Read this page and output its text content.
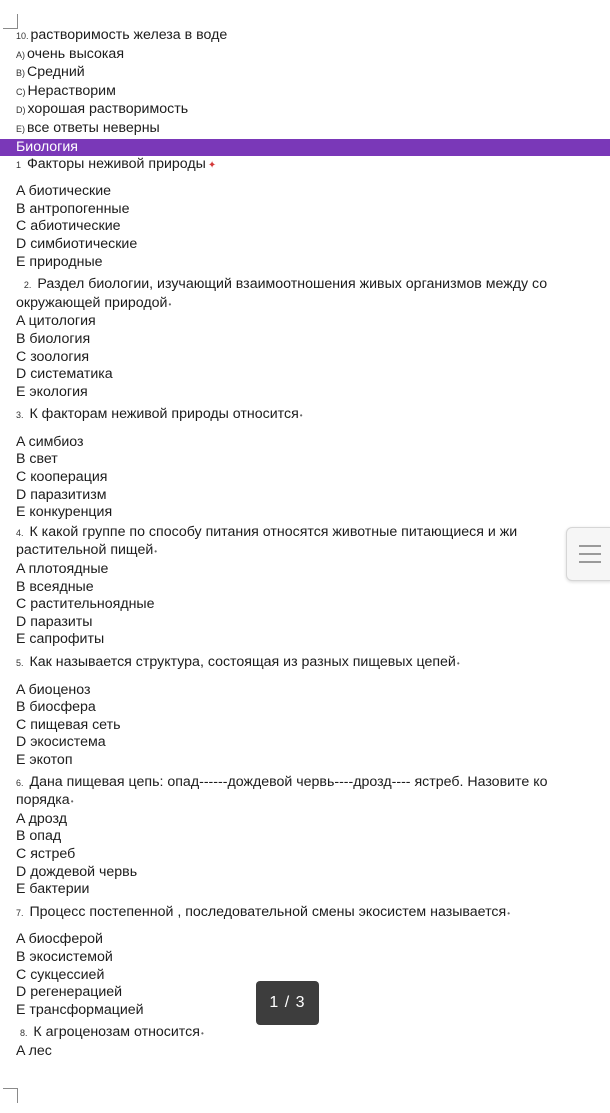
10. растворимость железа в воде
A) очень высокая
B) Средний
C) Нерастворим
D) хорошая растворимость
E) все ответы неверны
Биология
1 Факторы неживой природы ✦
A биотические
B антропогенные
C абиотические
D симбиотические
E природные
2. Раздел биологии, изучающий взаимоотношения живых организмов между со
окружающей природой•
A цитология
B биология
C зоология
D систематика
E экология
3. К факторам неживой природы относится•
A симбиоз
B свет
C кооперация
D паразитизм
E конкуренция
4. К какой группе по способу питания относятся животные питающиеся и жи
растительной пищей•
A плотоядные
B всеядные
C растительноядные
D паразиты
E сапрофиты
5. Как называется структура, состоящая из разных пищевых цепей•
A биоценоз
B биосфера
C пищевая сеть
D экосистема
E экотоп
6. Дана пищевая цепь: опад------дождевой червь----дрозд---- ястреб. Назовите ко
порядка•
A дрозд
B опад
C ястреб
D дождевой червь
E бактерии
7. Процесс постепенной , последовательной смены экосистем называется•
A биосферой
B экосистемой
C сукцессией
D регенерацией
E трансформацией
8. К агроценозам относится•
A лес
1 / 3
